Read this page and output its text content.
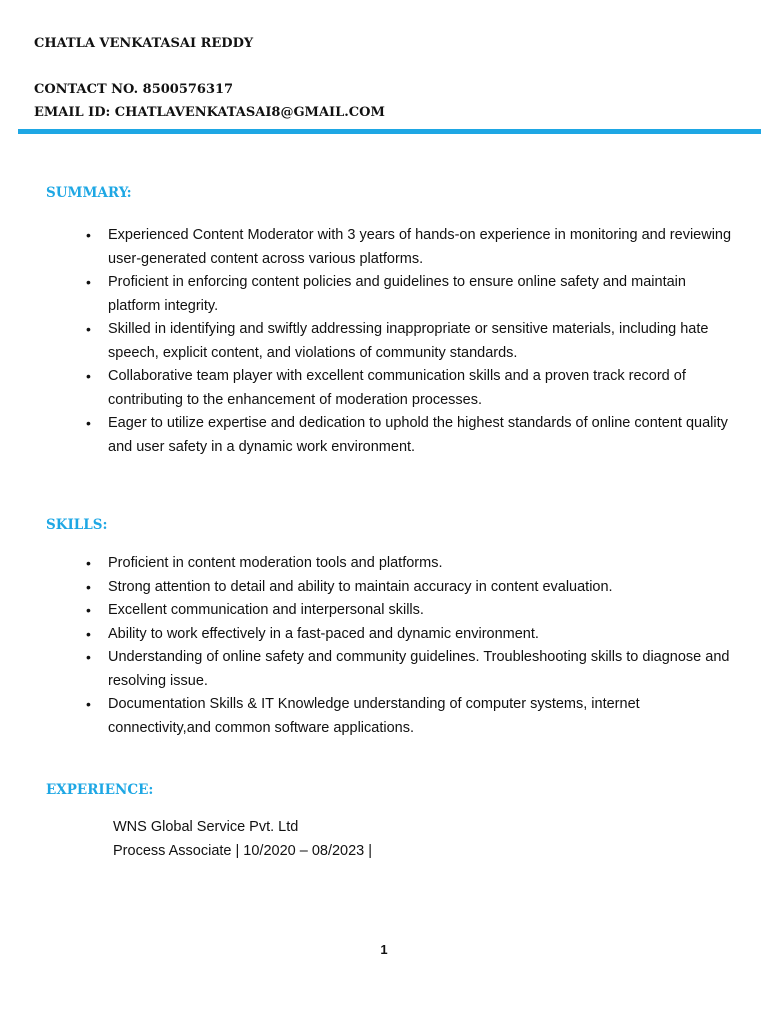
CHATLA VENKATASAI REDDY
CONTACT NO. 8500576317
EMAIL ID: CHATLAVENKATASAI8@GMAIL.COM
SUMMARY:
• Experienced Content Moderator with 3 years of hands-on experience in monitoring and reviewing user-generated content across various platforms.
• Proficient in enforcing content policies and guidelines to ensure online safety and maintain platform integrity.
• Skilled in identifying and swiftly addressing inappropriate or sensitive materials, including hate speech, explicit content, and violations of community standards.
• Collaborative team player with excellent communication skills and a proven track record of contributing to the enhancement of moderation processes.
• Eager to utilize expertise and dedication to uphold the highest standards of online content quality and user safety in a dynamic work environment.
SKILLS:
• Proficient in content moderation tools and platforms.
• Strong attention to detail and ability to maintain accuracy in content evaluation.
• Excellent communication and interpersonal skills.
• Ability to work effectively in a fast-paced and dynamic environment.
• Understanding of online safety and community guidelines. Troubleshooting skills to diagnose and resolving issue.
• Documentation Skills & IT Knowledge understanding of computer systems, internet connectivity,and common software applications.
EXPERIENCE:
WNS Global Service Pvt. Ltd
Process Associate | 10/2020 – 08/2023 |
1
